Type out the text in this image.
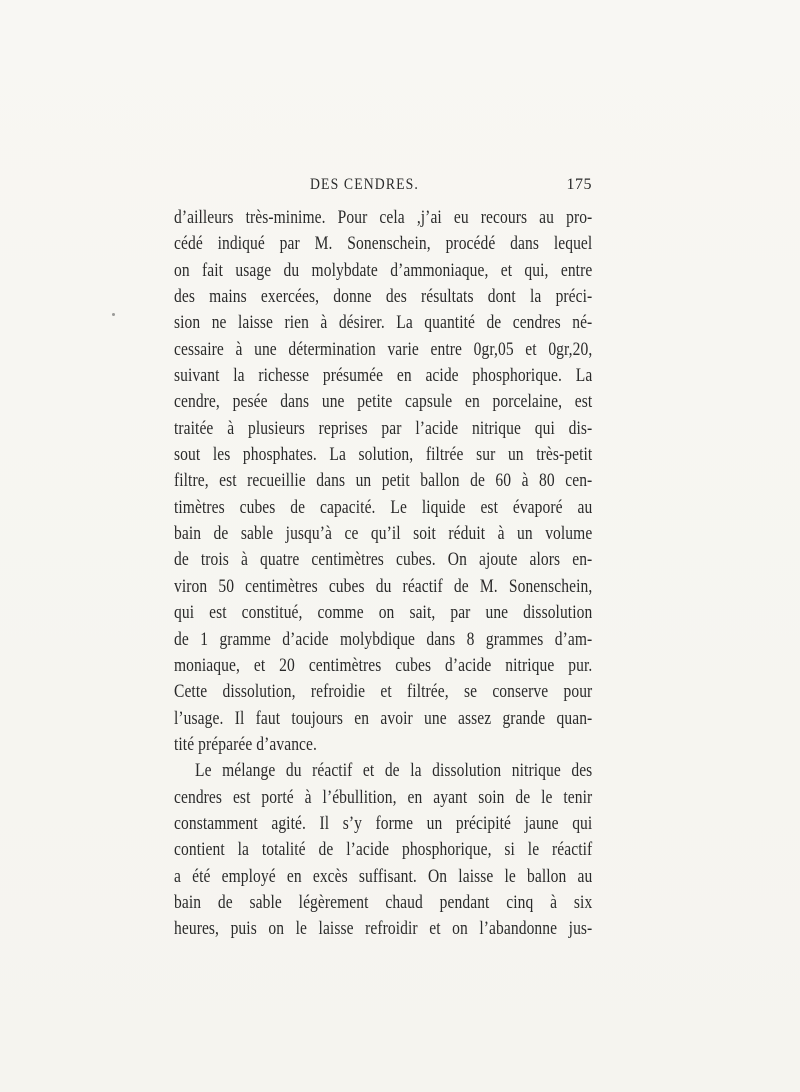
DES CENDRES.	175
d’ailleurs très-minime. Pour cela ,j’ai eu recours au pro-
cédé indiqué par M. Sonenschein, procédé dans lequel
on fait usage du molybdate d’ammoniaque, et qui, entre
des mains exercées, donne des résultats dont la préci-
sion ne laisse rien à désirer. La quantité de cendres né-
cessaire à une détermination varie entre 0gr,05 et 0gr,20,
suivant la richesse présumée en acide phosphorique. La
cendre, pesée dans une petite capsule en porcelaine, est
traitée à plusieurs reprises par l’acide nitrique qui dis-
sout les phosphates. La solution, filtrée sur un très-petit
filtre, est recueillie dans un petit ballon de 60 à 80 cen-
timètres cubes de capacité. Le liquide est évaporé au
bain de sable jusqu’à ce qu’il soit réduit à un volume
de trois à quatre centimètres cubes. On ajoute alors en-
viron 50 centimètres cubes du réactif de M. Sonenschein,
qui est constitué, comme on sait, par une dissolution
de 1 gramme d’acide molybdique dans 8 grammes d’am-
moniaque, et 20 centimètres cubes d’acide nitrique pur.
Cette dissolution, refroidie et filtrée, se conserve pour
l’usage. Il faut toujours en avoir une assez grande quan-
tité préparée d’avance.
Le mélange du réactif et de la dissolution nitrique des
cendres est porté à l’ébullition, en ayant soin de le tenir
constamment agité. Il s’y forme un précipité jaune qui
contient la totalité de l’acide phosphorique, si le réactif
a été employé en excès suffisant. On laisse le ballon au
bain de sable légèrement chaud pendant cinq à six
heures, puis on le laisse refroidir et on l’abandonne jus-
